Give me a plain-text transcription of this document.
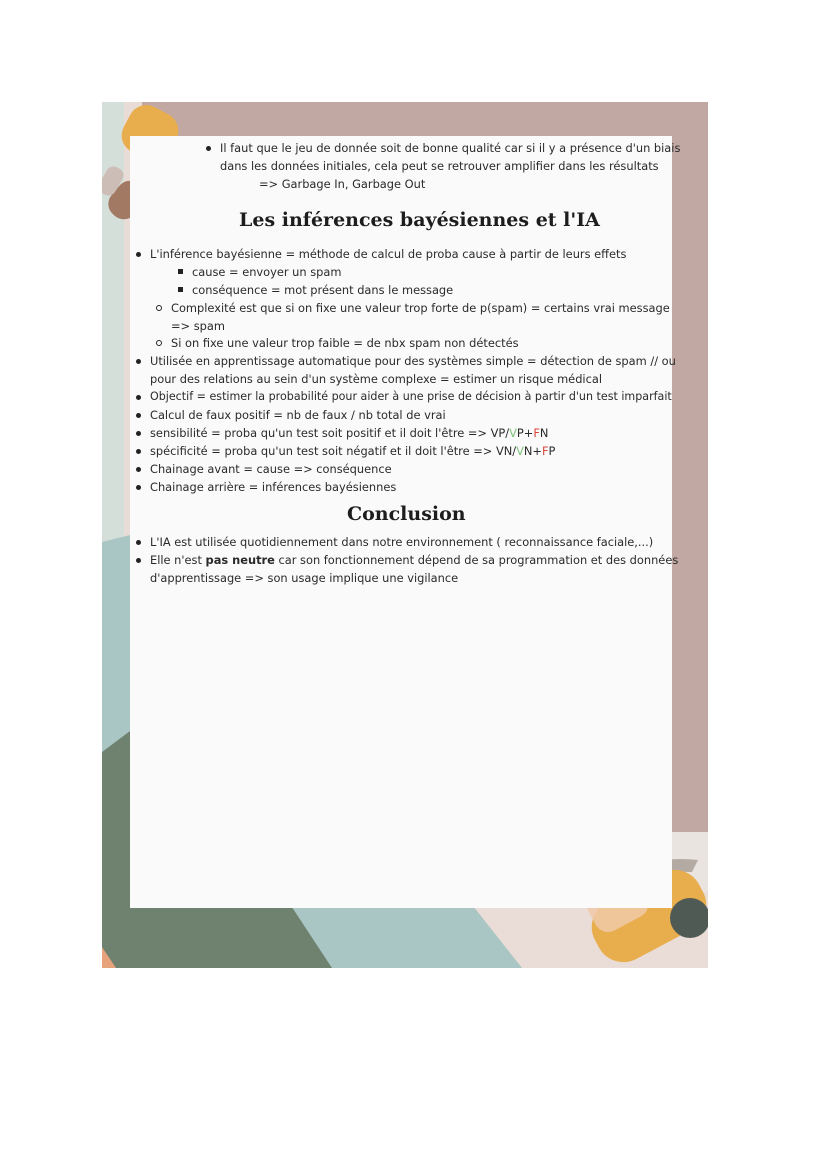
Il faut que le jeu de donnée soit de bonne qualité car si il y a présence d'un biais
dans les données initiales, cela peut se retrouver amplifier dans les résultats
=> Garbage In, Garbage Out
Les inférences bayésiennes et l'IA
L'inférence bayésienne = méthode de calcul de proba cause à partir de leurs effets
cause = envoyer un spam
conséquence = mot présent dans le message
Complexité est que si on fixe une valeur trop forte de p(spam) = certains vrai message
=> spam
Si on fixe une valeur trop faible = de nbx spam non détectés
Utilisée en apprentissage automatique pour des systèmes simple = détection de spam // ou
pour des relations au sein d'un système complexe = estimer un risque médical
Objectif = estimer la probabilité pour aider à une prise de décision à partir d'un test imparfait
Calcul de faux positif = nb de faux / nb total de vrai
sensibilité = proba qu'un test soit positif et il doit l'être => VP/VP+FN
spécificité = proba qu'un test soit négatif et il doit l'être => VN/VN+FP
Chainage avant = cause => conséquence
Chainage arrière = inférences bayésiennes
Conclusion
L'IA est utilisée quotidiennement dans notre environnement ( reconnaissance faciale,...)
Elle n'est pas neutre car son fonctionnement dépend de sa programmation et des données
d'apprentissage => son usage implique une vigilance
